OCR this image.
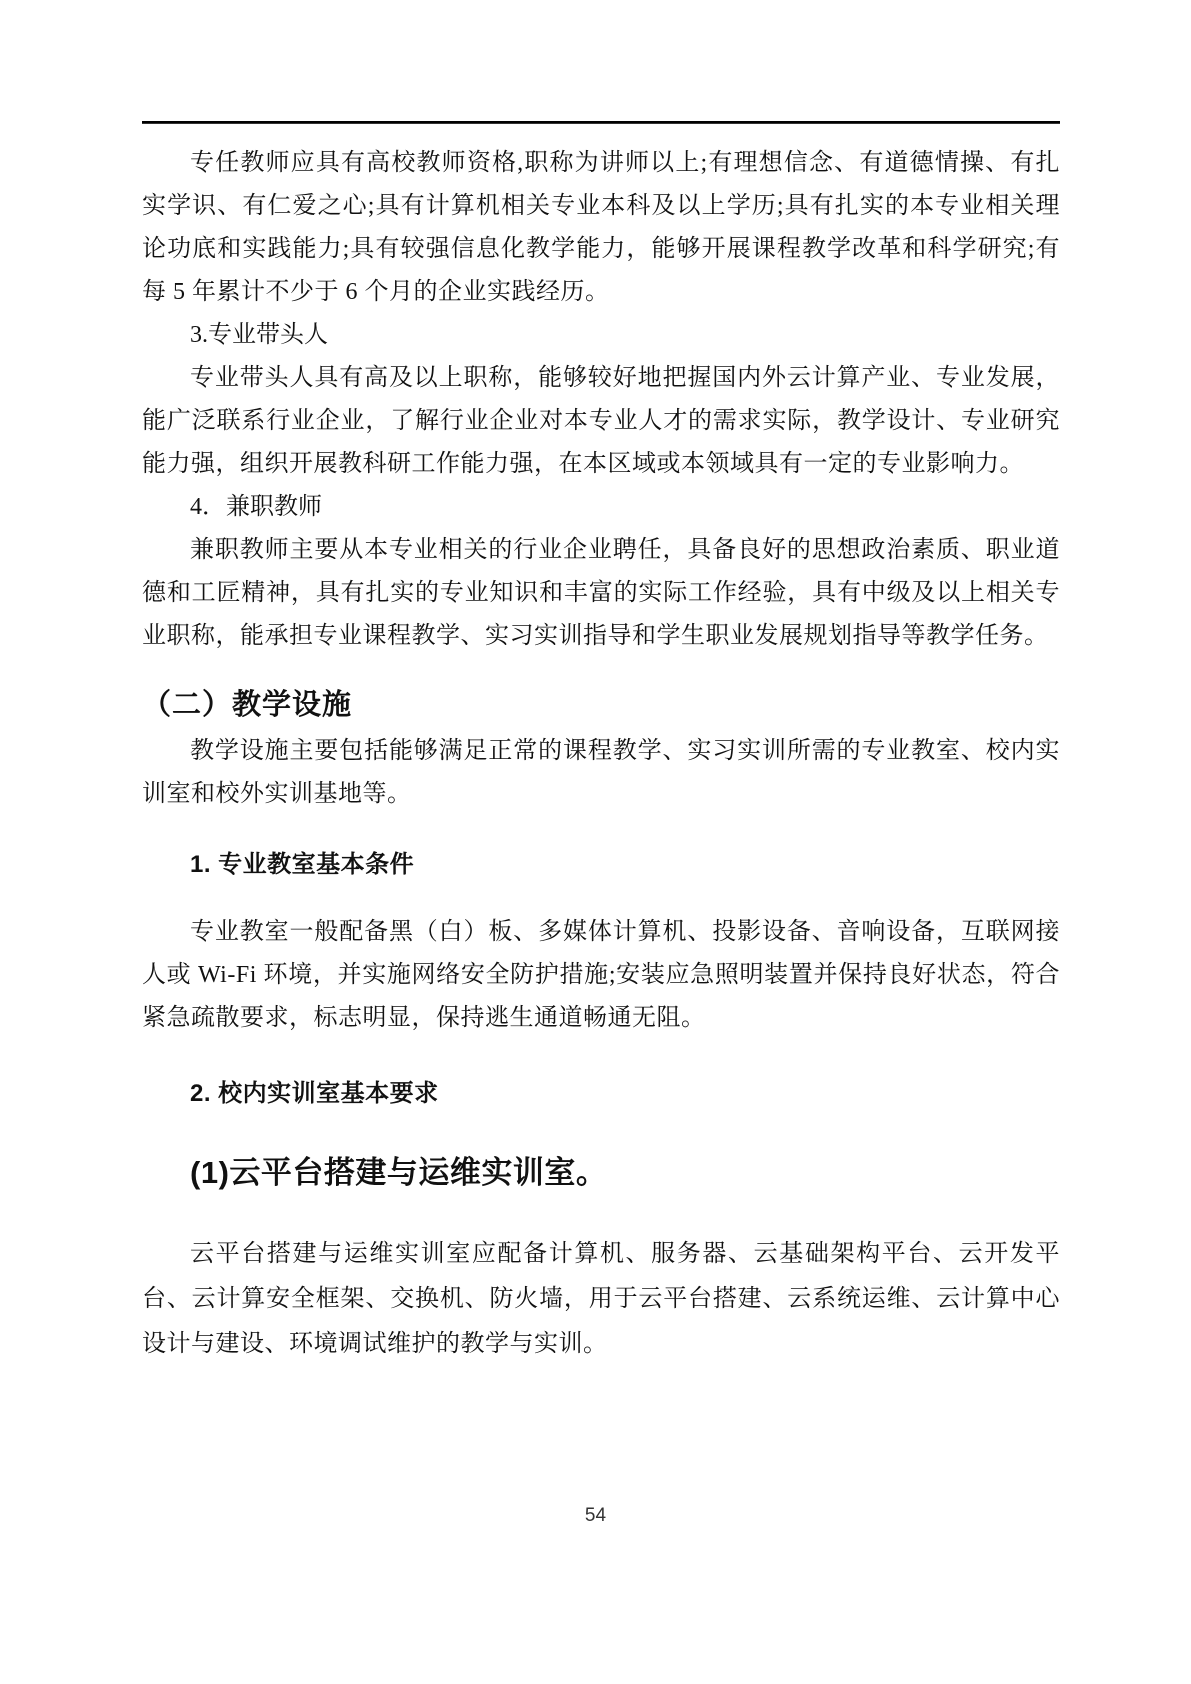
专任教师应具有高校教师资格,职称为讲师以上;有理想信念、有道德情操、有扎实学识、有仁爱之心;具有计算机相关专业本科及以上学历;具有扎实的本专业相关理论功底和实践能力;具有较强信息化教学能力，能够开展课程教学改革和科学研究;有每 5 年累计不少于 6 个月的企业实践经历。

3.专业带头人

专业带头人具有高及以上职称，能够较好地把握国内外云计算产业、专业发展，能广泛联系行业企业，了解行业企业对本专业人才的需求实际，教学设计、专业研究能力强，组织开展教科研工作能力强，在本区域或本领域具有一定的专业影响力。

4．兼职教师

兼职教师主要从本专业相关的行业企业聘任，具备良好的思想政治素质、职业道德和工匠精神，具有扎实的专业知识和丰富的实际工作经验，具有中级及以上相关专业职称，能承担专业课程教学、实习实训指导和学生职业发展规划指导等教学任务。

（二）教学设施

教学设施主要包括能够满足正常的课程教学、实习实训所需的专业教室、校内实训室和校外实训基地等。

1. 专业教室基本条件

专业教室一般配备黑（白）板、多媒体计算机、投影设备、音响设备，互联网接人或 Wi-Fi 环境，并实施网络安全防护措施;安装应急照明装置并保持良好状态，符合紧急疏散要求，标志明显，保持逃生通道畅通无阻。

2. 校内实训室基本要求
(1)云平台搭建与运维实训室。

云平台搭建与运维实训室应配备计算机、服务器、云基础架构平台、云开发平台、云计算安全框架、交换机、防火墙，用于云平台搭建、云系统运维、云计算中心设计与建设、环境调试维护的教学与实训。

54
